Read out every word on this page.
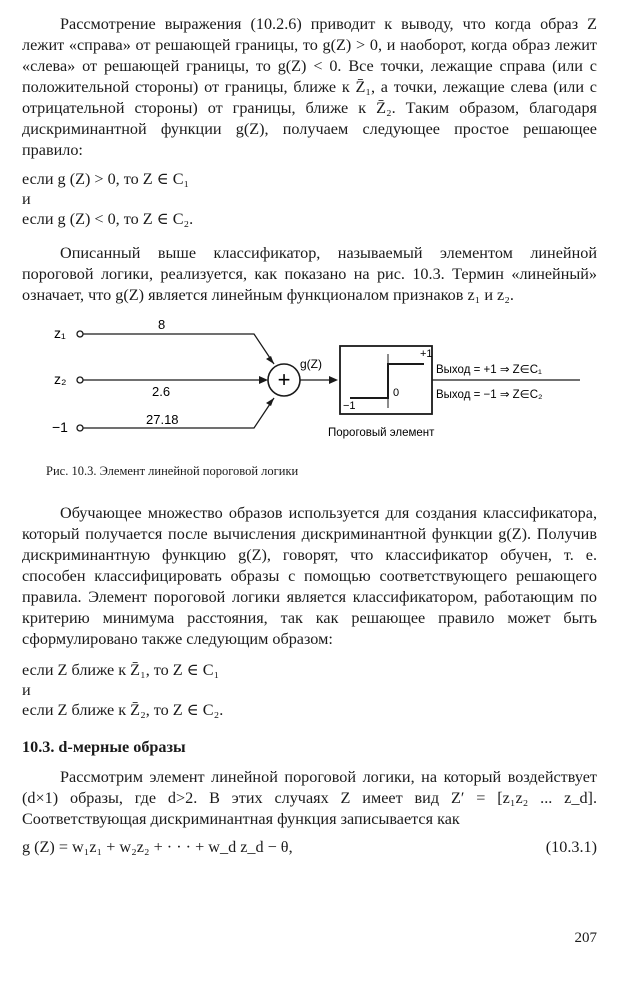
Рассмотрение выражения (10.2.6) приводит к выводу, что когда образ Z лежит «справа» от решающей границы, то g(Z) > 0, и наоборот, когда образ лежит «слева» от решающей границы, то g(Z) < 0. Все точки, лежащие справа (или с положительной стороны) от границы, ближе к Z̄₁, а точки, лежащие слева (или с отрицательной стороны) от границы, ближе к Z̄₂. Таким образом, благодаря дискриминантной функции g(Z), получаем следующее простое решающее правило:

если g (Z) > 0, то Z ∈ C₁
и
если g (Z) < 0, то Z ∈ C₂.

Описанный выше классификатор, называемый элементом линейной пороговой логики, реализуется, как показано на рис. 10.3. Термин «линейный» означает, что g(Z) является линейным функционалом признаков z₁ и z₂.

z₁
z₂
−1
8
2.6
27.18
+
g(Z)
+1
−1
0
Пороговый элемент
Выход = +1 ⇒ Z∈C₁
Выход = −1 ⇒ Z∈C₂

Рис. 10.3. Элемент линейной пороговой логики

Обучающее множество образов используется для создания классификатора, который получается после вычисления дискриминантной функции g(Z). Получив дискриминантную функцию g(Z), говорят, что классификатор обучен, т. е. способен классифицировать образы с помощью соответствующего решающего правила. Элемент пороговой логики является классификатором, работающим по критерию минимума расстояния, так как решающее правило может быть сформулировано также следующим образом:

если Z ближе к Z̄₁, то Z ∈ C₁
и
если Z ближе к Z̄₂, то Z ∈ C₂.
10.3. d-мерные образы

Рассмотрим элемент линейной пороговой логики, на который воздействует (d×1) образы, где d>2. В этих случаях Z имеет вид Z′ = [z₁z₂ ... z_d]. Соответствующая дискриминантная функция записывается как

g (Z) = w₁z₁ + w₂z₂ + · · · + w_d z_d − θ,	(10.3.1)
207
